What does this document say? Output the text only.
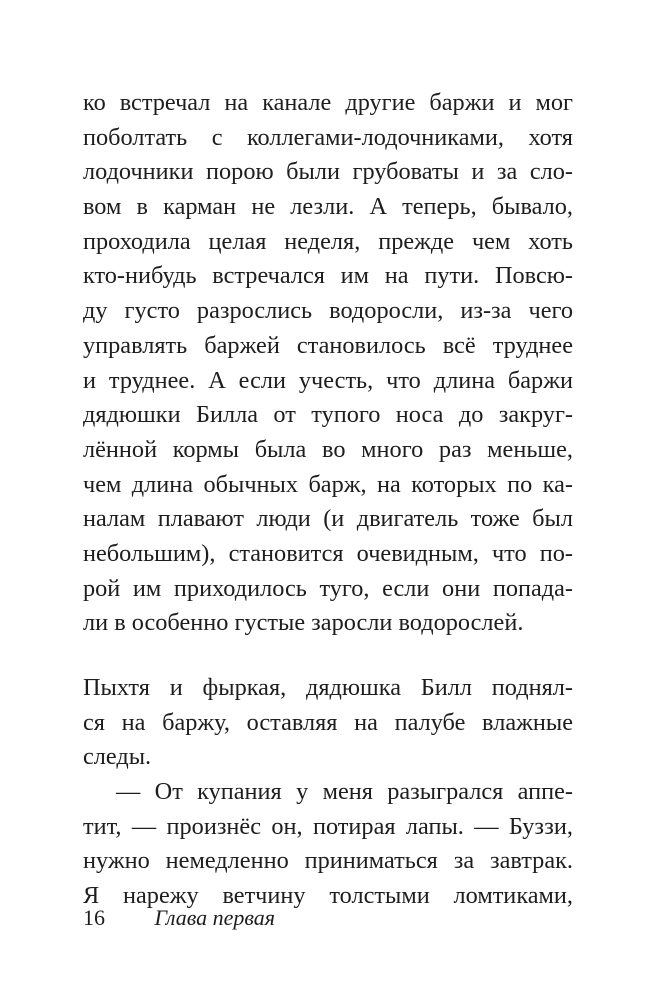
ко встречал на канале другие баржи и мог
поболтать с коллегами-лодочниками, хотя
лодочники порою были грубоваты и за сло-
вом в карман не лезли. А теперь, бывало,
проходила целая неделя, прежде чем хоть
кто-нибудь встречался им на пути. Повсю-
ду густо разрослись водоросли, из-за чего
управлять баржей становилось всё труднее
и труднее. А если учесть, что длина баржи
дядюшки Билла от тупого носа до закруг-
лённой кормы была во много раз меньше,
чем длина обычных барж, на которых по ка-
налам плавают люди (и двигатель тоже был
небольшим), становится очевидным, что по-
рой им приходилось туго, если они попада-
ли в особенно густые заросли водорослей.
Пыхтя и фыркая, дядюшка Билл поднял-
ся на баржу, оставляя на палубе влажные
следы.
— От купания у меня разыгрался аппе-
тит, — произнёс он, потирая лапы. — Буззи,
нужно немедленно приниматься за завтрак.
Я нарежу ветчину толстыми ломтиками,
16 Глава первая
